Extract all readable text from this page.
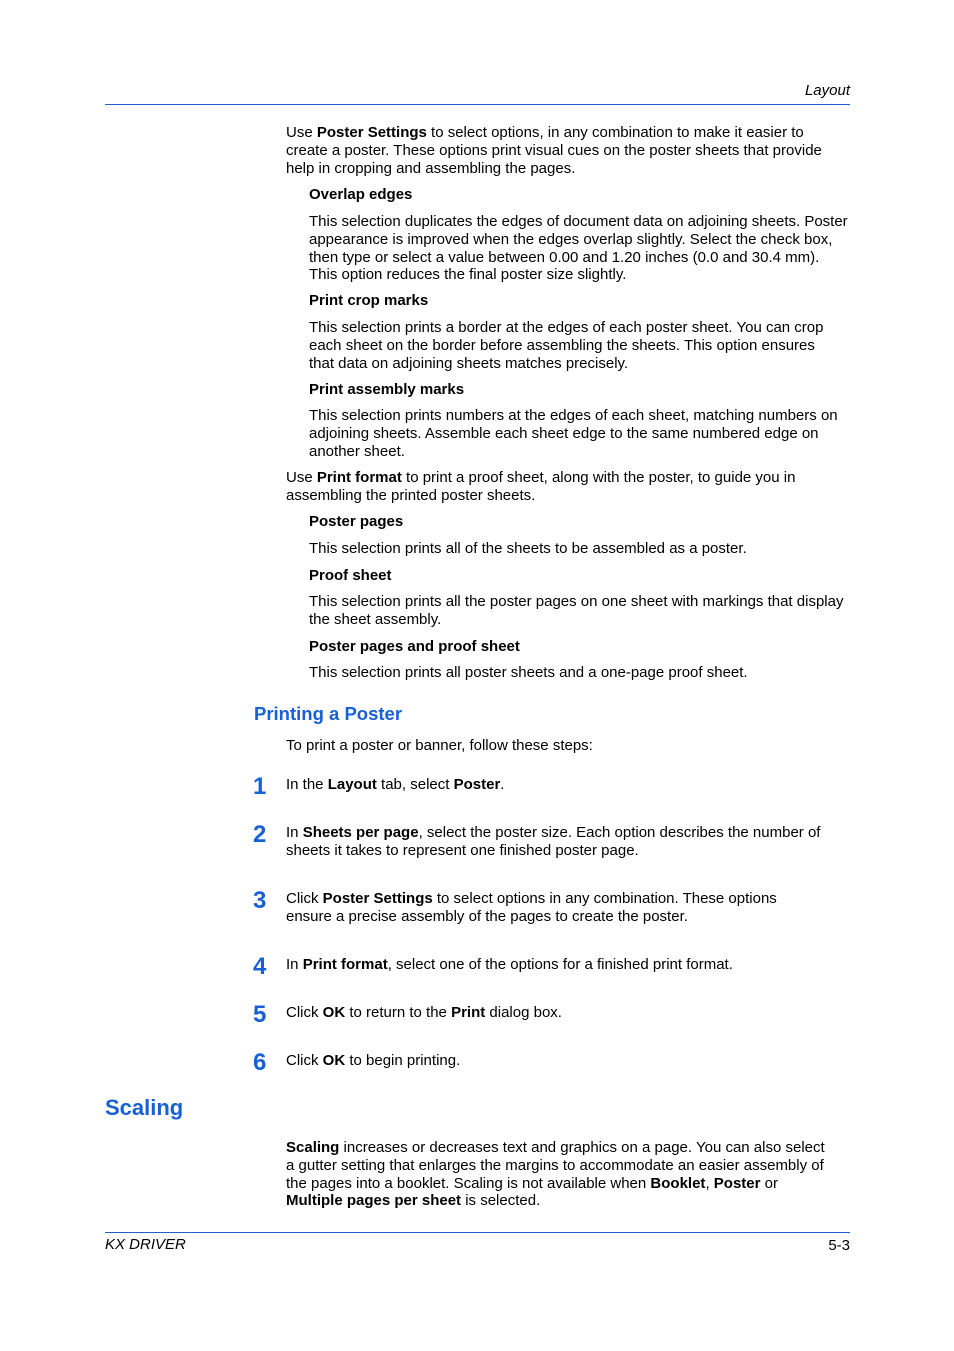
Layout
Use Poster Settings to select options, in any combination to make it easier to create a poster. These options print visual cues on the poster sheets that provide help in cropping and assembling the pages.
Overlap edges
This selection duplicates the edges of document data on adjoining sheets. Poster appearance is improved when the edges overlap slightly. Select the check box, then type or select a value between 0.00 and 1.20 inches (0.0 and 30.4 mm). This option reduces the final poster size slightly.
Print crop marks
This selection prints a border at the edges of each poster sheet. You can crop each sheet on the border before assembling the sheets. This option ensures that data on adjoining sheets matches precisely.
Print assembly marks
This selection prints numbers at the edges of each sheet, matching numbers on adjoining sheets. Assemble each sheet edge to the same numbered edge on another sheet.
Use Print format to print a proof sheet, along with the poster, to guide you in assembling the printed poster sheets.
Poster pages
This selection prints all of the sheets to be assembled as a poster.
Proof sheet
This selection prints all the poster pages on one sheet with markings that display the sheet assembly.
Poster pages and proof sheet
This selection prints all poster sheets and a one-page proof sheet.
Printing a Poster
To print a poster or banner, follow these steps:
1 In the Layout tab, select Poster.
2 In Sheets per page, select the poster size. Each option describes the number of sheets it takes to represent one finished poster page.
3 Click Poster Settings to select options in any combination. These options ensure a precise assembly of the pages to create the poster.
4 In Print format, select one of the options for a finished print format.
5 Click OK to return to the Print dialog box.
6 Click OK to begin printing.
Scaling
Scaling increases or decreases text and graphics on a page. You can also select a gutter setting that enlarges the margins to accommodate an easier assembly of the pages into a booklet. Scaling is not available when Booklet, Poster or Multiple pages per sheet is selected.
KX DRIVER	5-3
